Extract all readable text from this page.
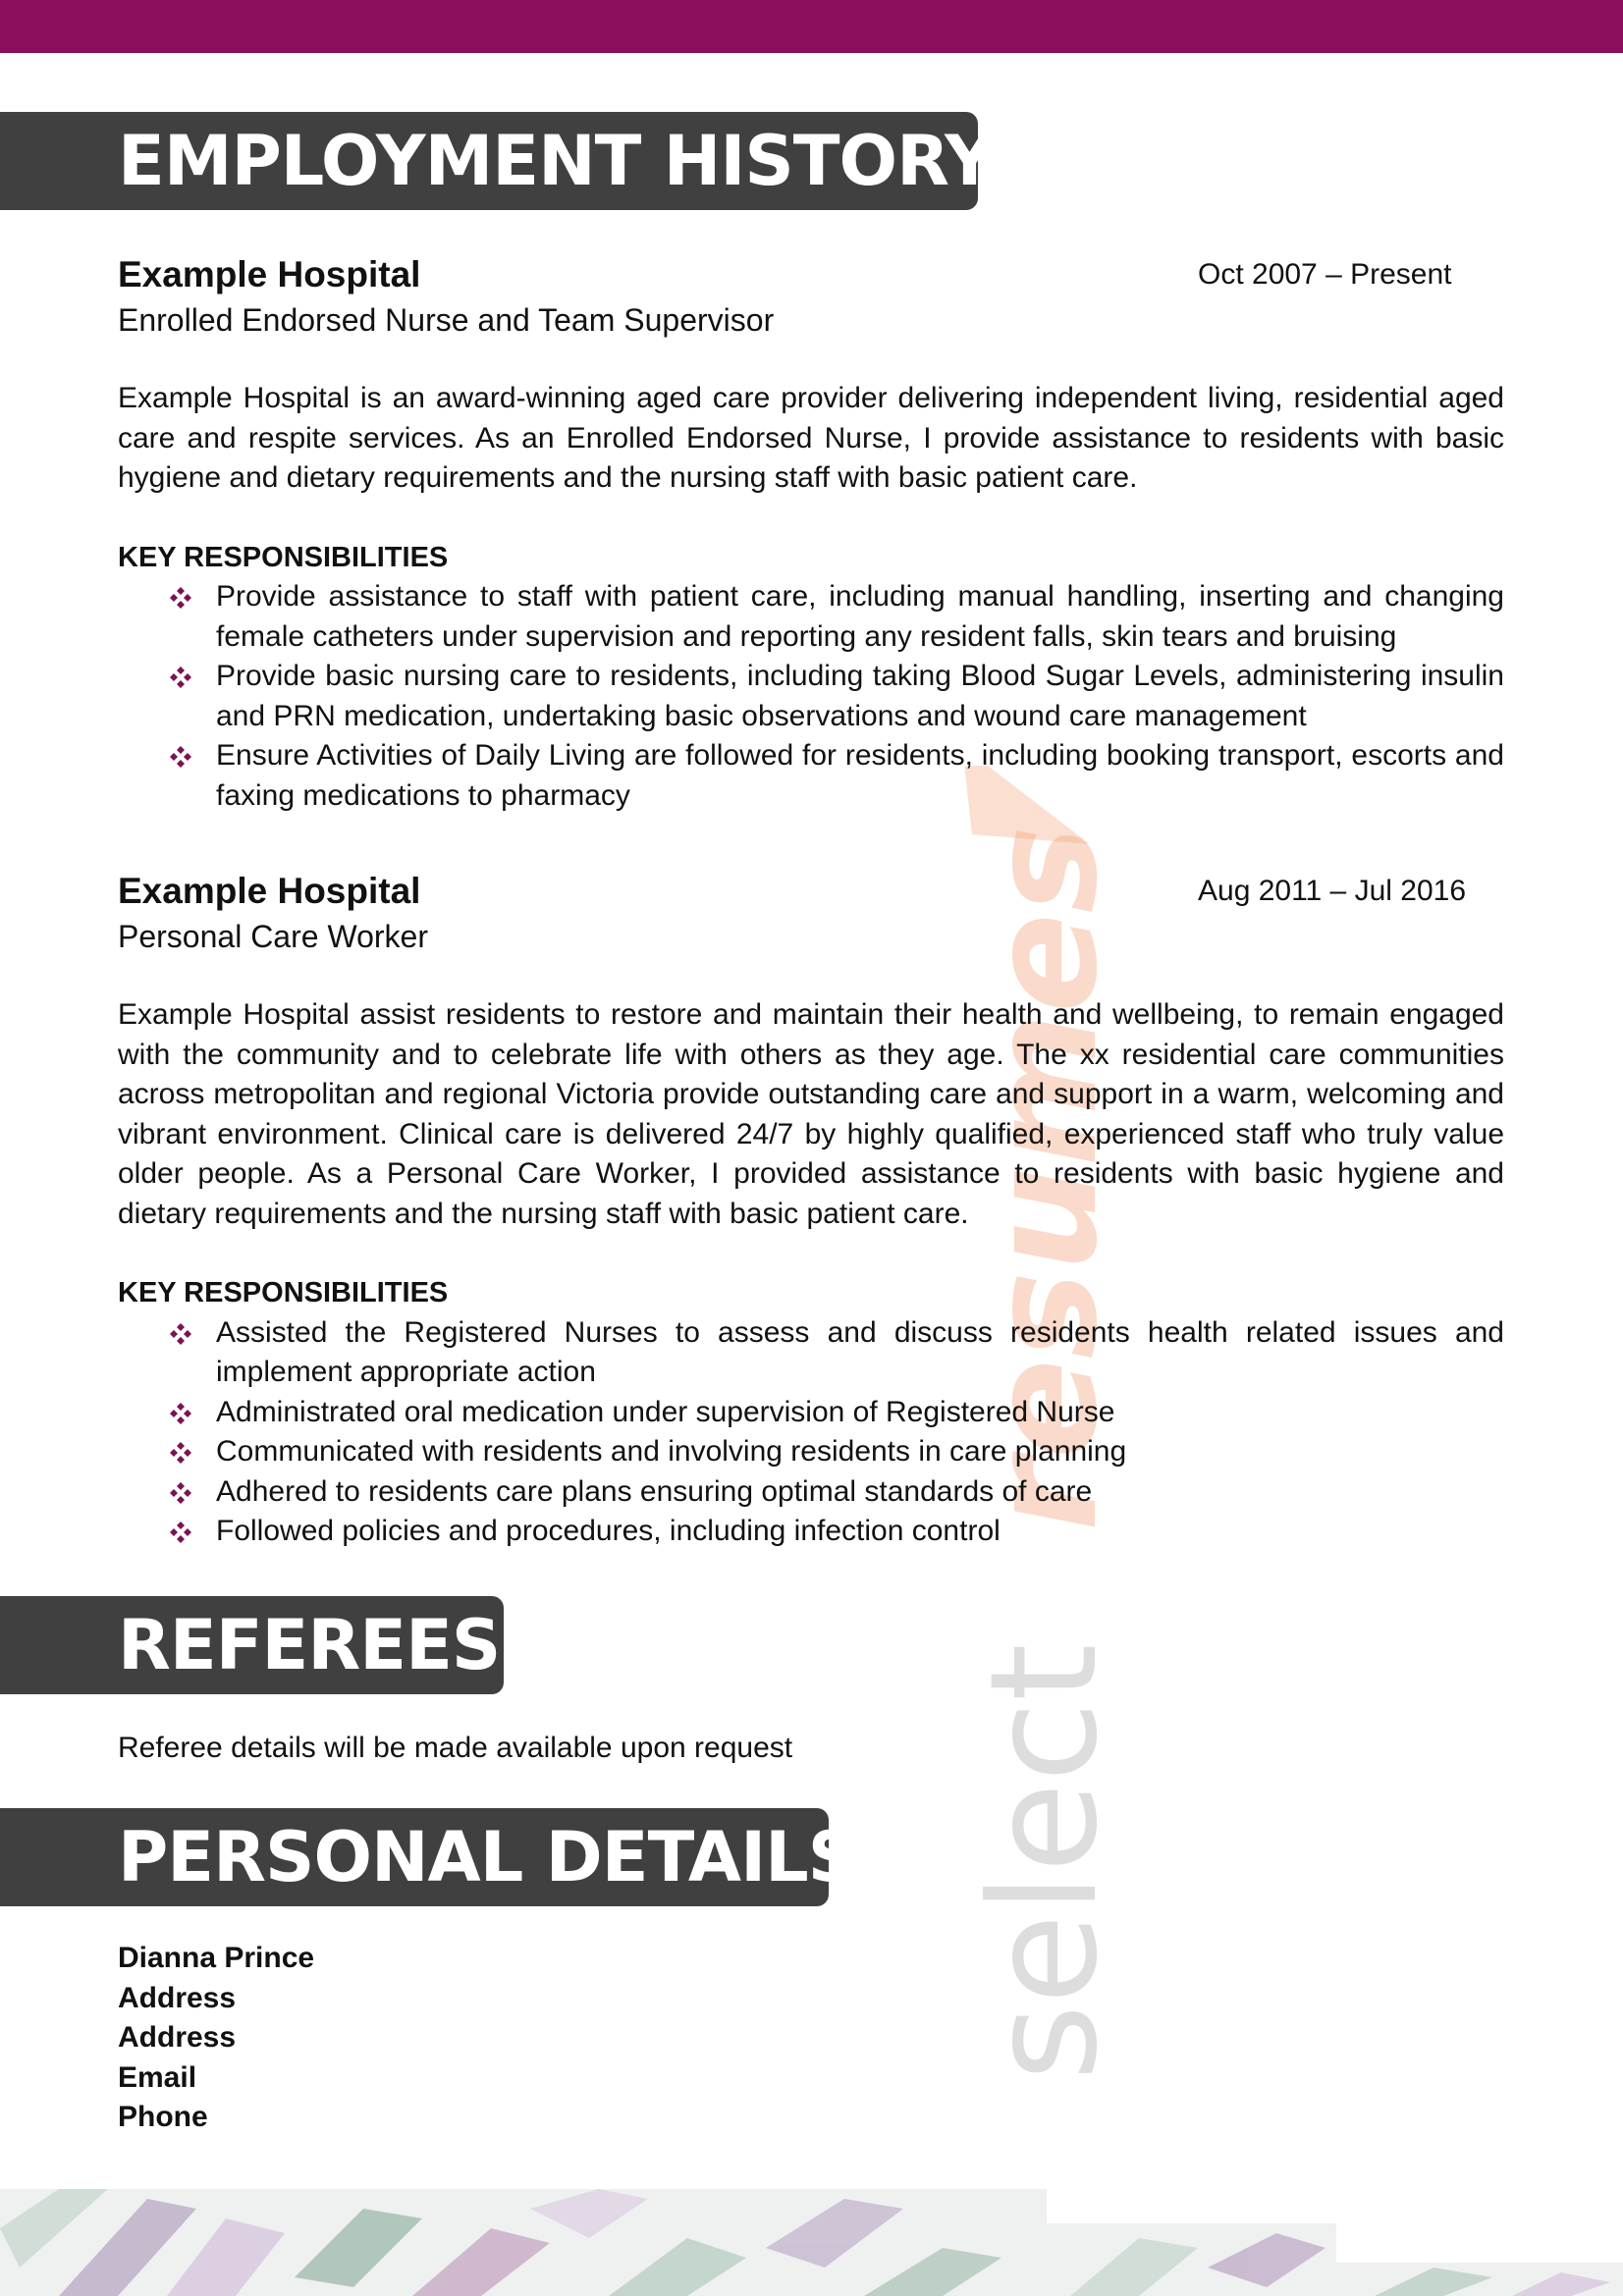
select
resumes
EMPLOYMENT HISTORY
Example Hospital	Oct 2007 – Present
Enrolled Endorsed Nurse and Team Supervisor
Example Hospital is an award-winning aged care provider delivering independent living, residential aged care and respite services. As an Enrolled Endorsed Nurse, I provide assistance to residents with basic hygiene and dietary requirements and the nursing staff with basic patient care.
KEY RESPONSIBILITIES
Provide assistance to staff with patient care, including manual handling, inserting and changing female catheters under supervision and reporting any resident falls, skin tears and bruising
Provide basic nursing care to residents, including taking Blood Sugar Levels, administering insulin and PRN medication, undertaking basic observations and wound care management
Ensure Activities of Daily Living are followed for residents, including booking transport, escorts and faxing medications to pharmacy
Example Hospital	Aug 2011 – Jul 2016
Personal Care Worker
Example Hospital assist residents to restore and maintain their health and wellbeing, to remain engaged with the community and to celebrate life with others as they age. The xx residential care communities across metropolitan and regional Victoria provide outstanding care and support in a warm, welcoming and vibrant environment. Clinical care is delivered 24/7 by highly qualified, experienced staff who truly value older people. As a Personal Care Worker, I provided assistance to residents with basic hygiene and dietary requirements and the nursing staff with basic patient care.
KEY RESPONSIBILITIES
Assisted the Registered Nurses to assess and discuss residents health related issues and implement appropriate action
Administrated oral medication under supervision of Registered Nurse
Communicated with residents and involving residents in care planning
Adhered to residents care plans ensuring optimal standards of care
Followed policies and procedures, including infection control
REFEREES
Referee details will be made available upon request
PERSONAL DETAILS
Dianna Prince
Address
Address
Email
Phone
